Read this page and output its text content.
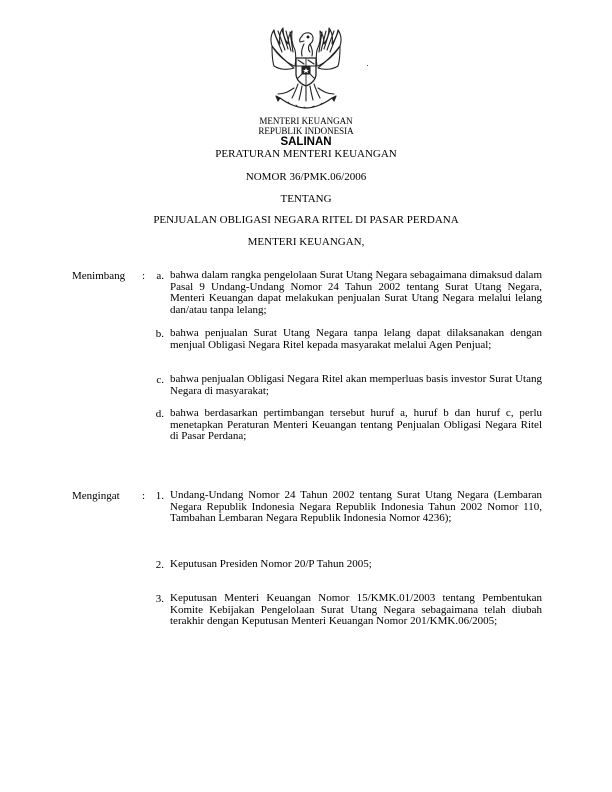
MENTERI KEUANGAN
REPUBLIK INDONESIA
SALINAN
PERATURAN MENTERI KEUANGAN
NOMOR 36/PMK.06/2006
TENTANG
PENJUALAN OBLIGASI NEGARA RITEL DI PASAR PERDANA
MENTERI KEUANGAN,
Menimbang :	a. bahwa dalam rangka pengelolaan Surat Utang Negara sebagaimana dimaksud dalam Pasal 9 Undang-Undang Nomor 24 Tahun 2002 tentang Surat Utang Negara, Menteri Keuangan dapat melakukan penjualan Surat Utang Negara melalui lelang dan/atau tanpa lelang;
b. bahwa penjualan Surat Utang Negara tanpa lelang dapat dilaksanakan dengan menjual Obligasi Negara Ritel kepada masyarakat melalui Agen Penjual;
c. bahwa penjualan Obligasi Negara Ritel akan memperluas basis investor Surat Utang Negara di masyarakat;
d. bahwa berdasarkan pertimbangan tersebut huruf a, huruf b dan huruf c, perlu menetapkan Peraturan Menteri Keuangan tentang Penjualan Obligasi Negara Ritel di Pasar Perdana;
Mengingat : 1. Undang-Undang Nomor 24 Tahun 2002 tentang Surat Utang Negara (Lembaran Negara Republik Indonesia Negara Republik Indonesia Tahun 2002 Nomor 110, Tambahan Lembaran Negara Republik Indonesia Nomor 4236);
2. Keputusan Presiden Nomor 20/P Tahun 2005;
3. Keputusan Menteri Keuangan Nomor 15/KMK.01/2003 tentang Pembentukan Komite Kebijakan Pengelolaan Surat Utang Negara sebagaimana telah diubah terakhir dengan Keputusan Menteri Keuangan Nomor 201/KMK.06/2005;
